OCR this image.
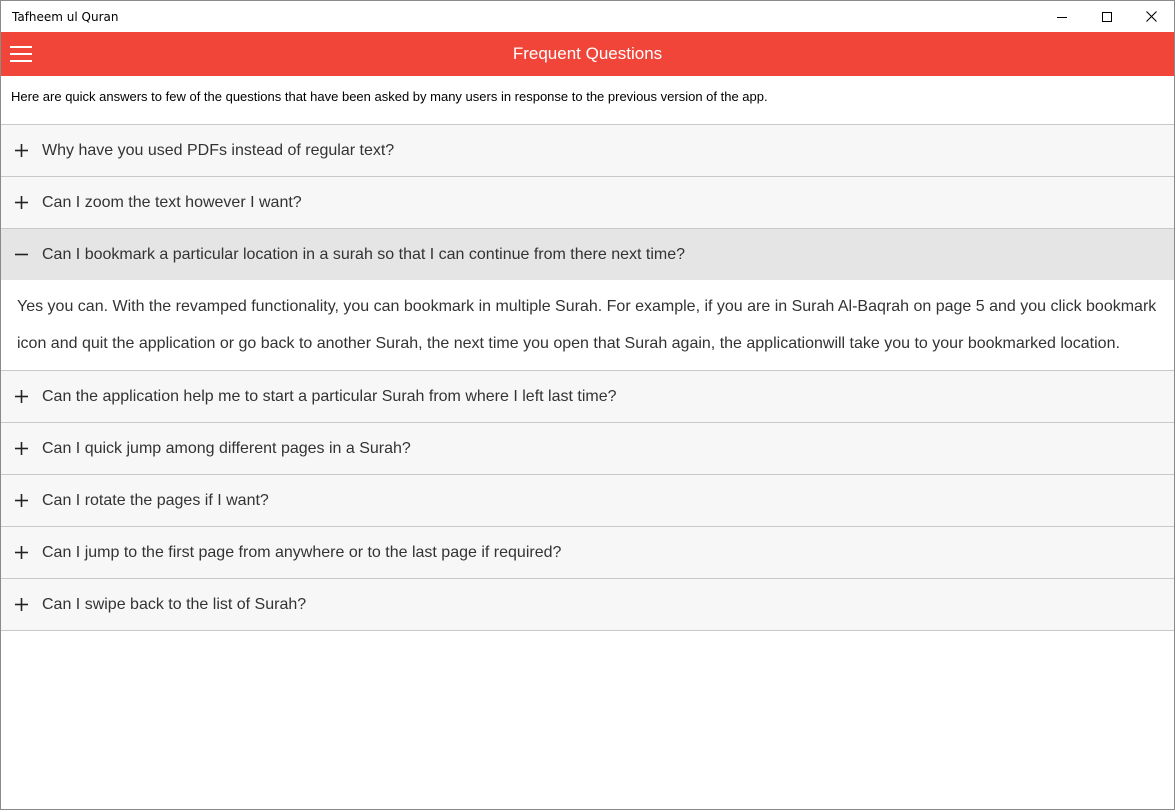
Tafheem ul Quran
Frequent Questions
Here are quick answers to few of the questions that have been asked by many users in response to the previous version of the app.
Why have you used PDFs instead of regular text?
Can I zoom the text however I want?
Can I bookmark a particular location in a surah so that I can continue from there next time?
Yes you can. With the revamped functionality, you can bookmark in multiple Surah. For example, if you are in Surah Al-Baqrah on page 5 and you click bookmark icon and quit the application or go back to another Surah, the next time you open that Surah again, the applicationwill take you to your bookmarked location.
Can the application help me to start a particular Surah from where I left last time?
Can I quick jump among different pages in a Surah?
Can I rotate the pages if I want?
Can I jump to the first page from anywhere or to the last page if required?
Can I swipe back to the list of Surah?
